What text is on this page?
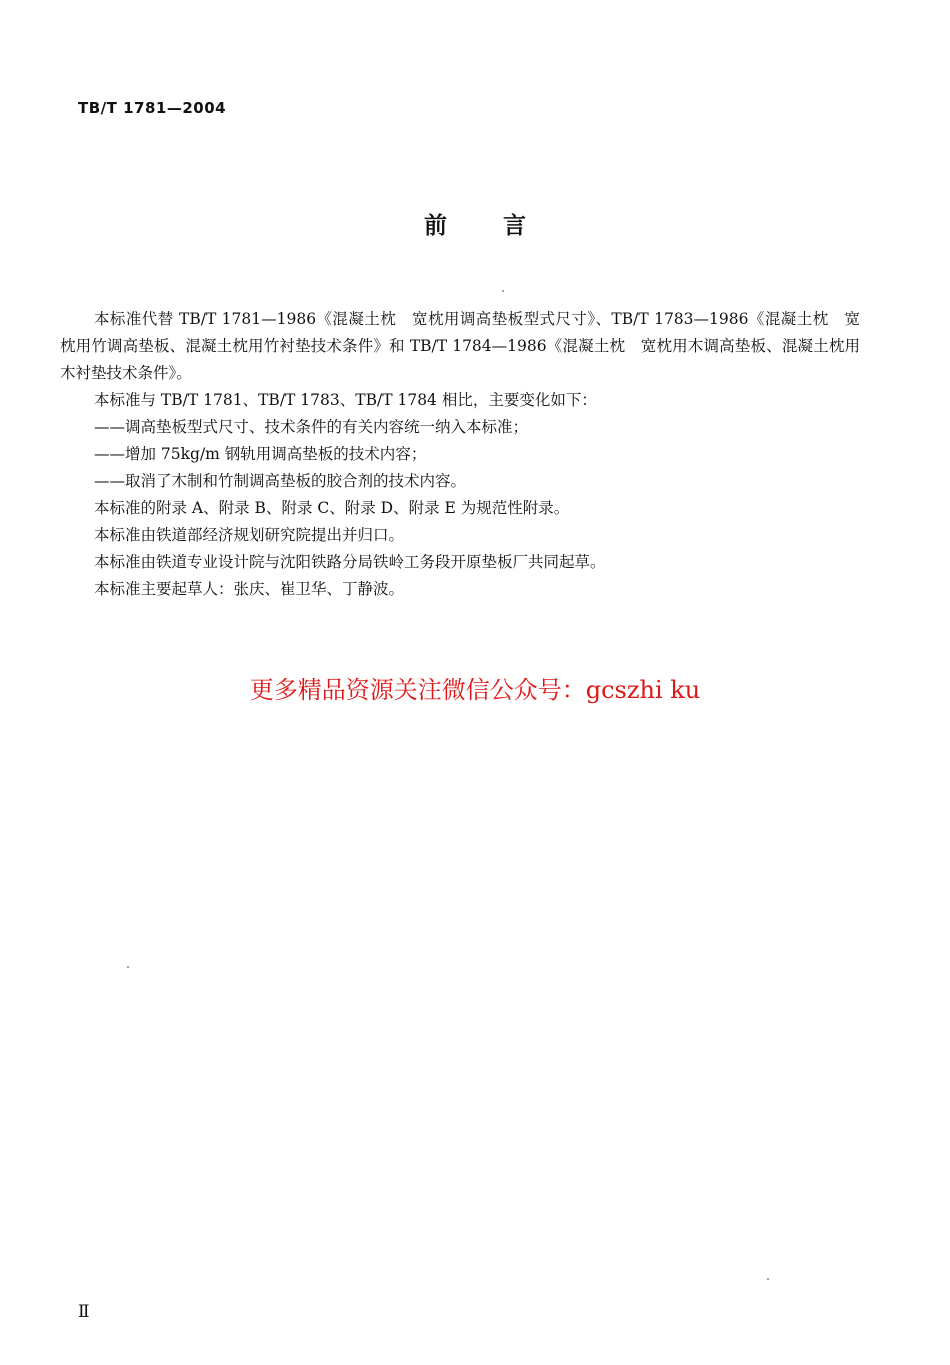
TB/T 1781—2004
前言

本标准代替 TB/T 1781—1986《混凝土枕　宽枕用调高垫板型式尺寸》、TB/T 1783—1986《混凝土枕　宽枕用竹调高垫板、混凝土枕用竹衬垫技术条件》和 TB/T 1784—1986《混凝土枕　宽枕用木调高垫板、混凝土枕用木衬垫技术条件》。

本标准与 TB/T 1781、TB/T 1783、TB/T 1784 相比，主要变化如下：

——调高垫板型式尺寸、技术条件的有关内容统一纳入本标准；

——增加 75kg/m 钢轨用调高垫板的技术内容；

——取消了木制和竹制调高垫板的胶合剂的技术内容。

本标准的附录 A、附录 B、附录 C、附录 D、附录 E 为规范性附录。

本标准由铁道部经济规划研究院提出并归口。

本标准由铁道专业设计院与沈阳铁路分局铁岭工务段开原垫板厂共同起草。

本标准主要起草人：张庆、崔卫华、丁静波。

更多精品资源关注微信公众号：gcszhi ku
Ⅱ
